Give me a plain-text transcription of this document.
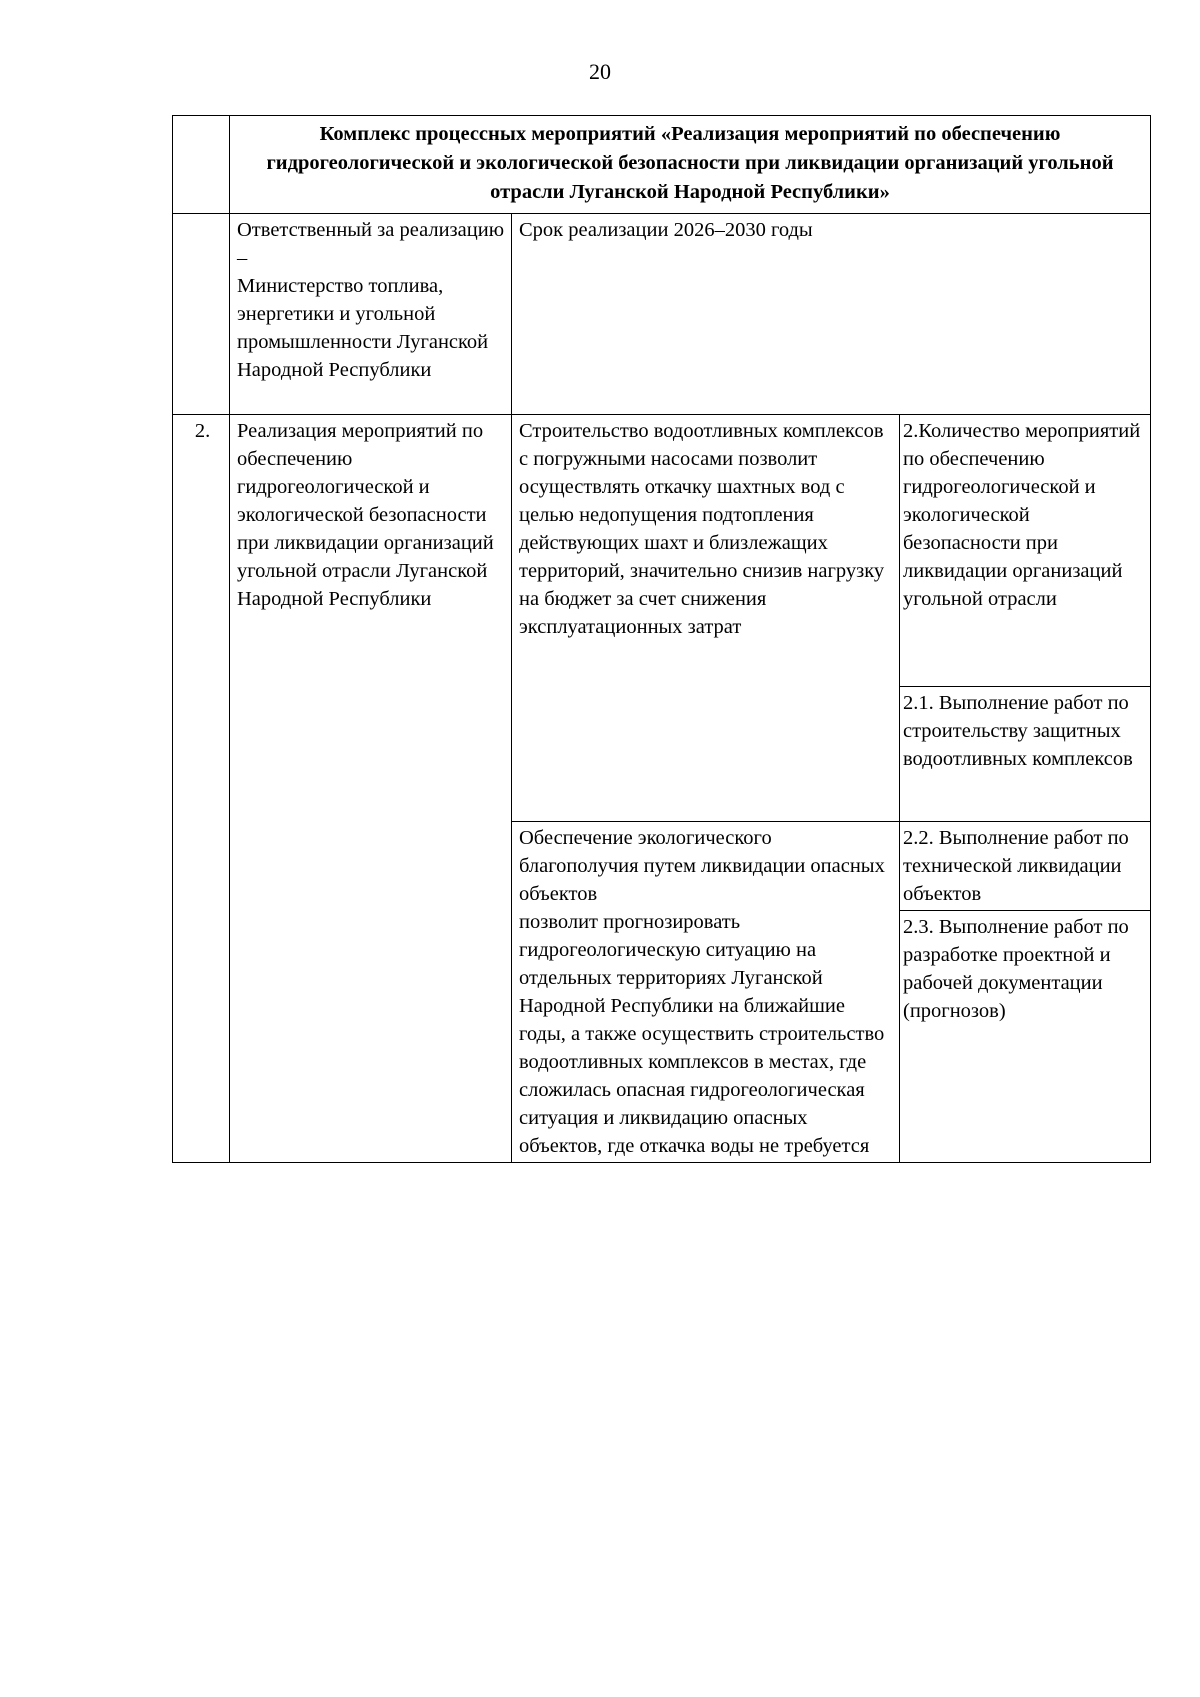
20
	Комплекс процессных мероприятий «Реализация мероприятий по обеспечению гидрогеологической и экологической безопасности при ликвидации организаций угольной отрасли Луганской Народной Республики»		

	Ответственный за реализацию –
Министерство топлива, энергетики и угольной промышленности Луганской Народной Республики	Срок реализации 2026–2030 годы	

2.	Реализация мероприятий по обеспечению гидрогеологической и экологической безопасности при ликвидации организаций угольной отрасли Луганской Народной Республики	Строительство водоотливных комплексов с погружными насосами позволит осуществлять откачку шахтных вод с целью недопущения подтопления действующих шахт и близлежащих территорий, значительно снизив нагрузку на бюджет за счет снижения эксплуатационных затрат	2.Количество мероприятий по обеспечению гидрогеологической и экологической безопасности при ликвидации организаций угольной отрасли

			2.1. Выполнение работ по строительству защитных водоотливных комплексов

		Обеспечение экологического благополучия путем ликвидации опасных объектов
позволит прогнозировать гидрогеологическую ситуацию на отдельных территориях Луганской Народной Республики на ближайшие годы, а также осуществить строительство водоотливных комплексов в местах, где сложилась опасная гидрогеологическая ситуация и ликвидацию опасных объектов, где откачка воды не требуется	2.2. Выполнение работ по технической ликвидации объектов

			2.3. Выполнение работ по разработке проектной и рабочей документации (прогнозов)
